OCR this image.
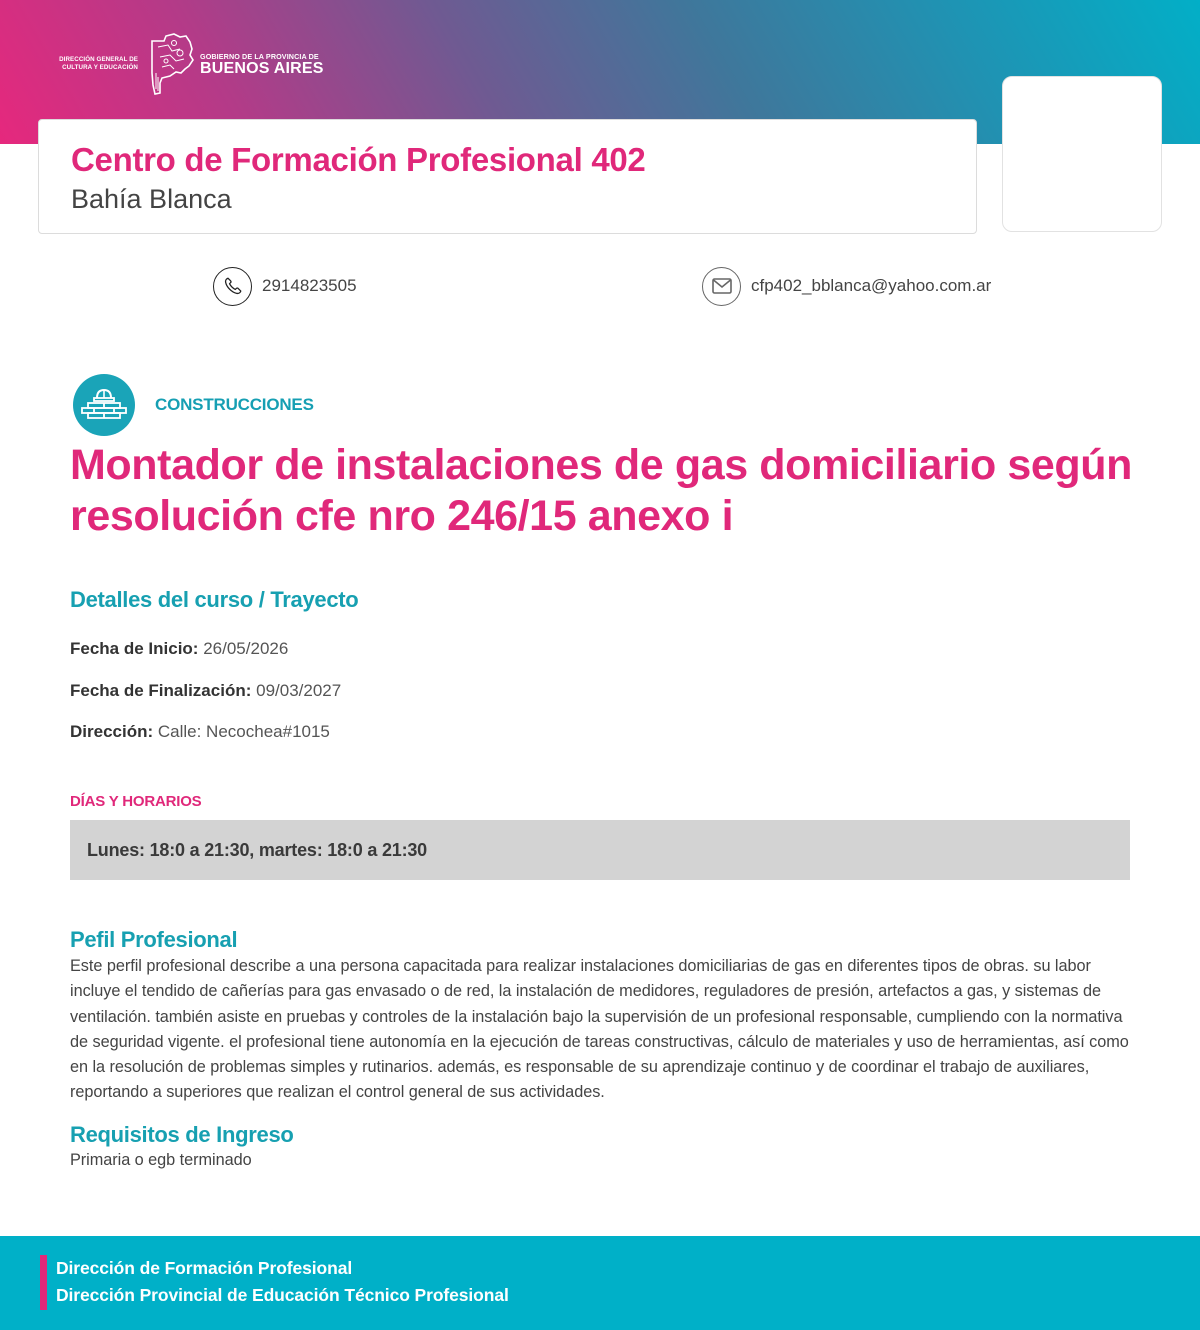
DIRECCIÓN GENERAL DE
CULTURA Y EDUCACIÓN
GOBIERNO DE LA PROVINCIA DE
BUENOS AIRES
Centro de Formación Profesional 402
Bahía Blanca
2914823505	cfp402_bblanca@yahoo.com.ar
CONSTRUCCIONES
Montador de instalaciones de gas domiciliario según resolución cfe nro 246/15 anexo i
Detalles del curso / Trayecto
Fecha de Inicio: 26/05/2026
Fecha de Finalización: 09/03/2027
Dirección: Calle: Necochea#1015
DÍAS Y HORARIOS
Lunes: 18:0 a 21:30, martes: 18:0 a 21:30
Pefil Profesional

Este perfil profesional describe a una persona capacitada para realizar instalaciones domiciliarias de gas en diferentes tipos de obras. su labor incluye el tendido de cañerías para gas envasado o de red, la instalación de medidores, reguladores de presión, artefactos a gas, y sistemas de ventilación. también asiste en pruebas y controles de la instalación bajo la supervisión de un profesional responsable, cumpliendo con la normativa de seguridad vigente. el profesional tiene autonomía en la ejecución de tareas constructivas, cálculo de materiales y uso de herramientas, así como en la resolución de problemas simples y rutinarios. además, es responsable de su aprendizaje continuo y de coordinar el trabajo de auxiliares, reportando a superiores que realizan el control general de sus actividades.

Requisitos de Ingreso

Primaria o egb terminado

Dirección de Formación Profesional
Dirección Provincial de Educación Técnico Profesional
